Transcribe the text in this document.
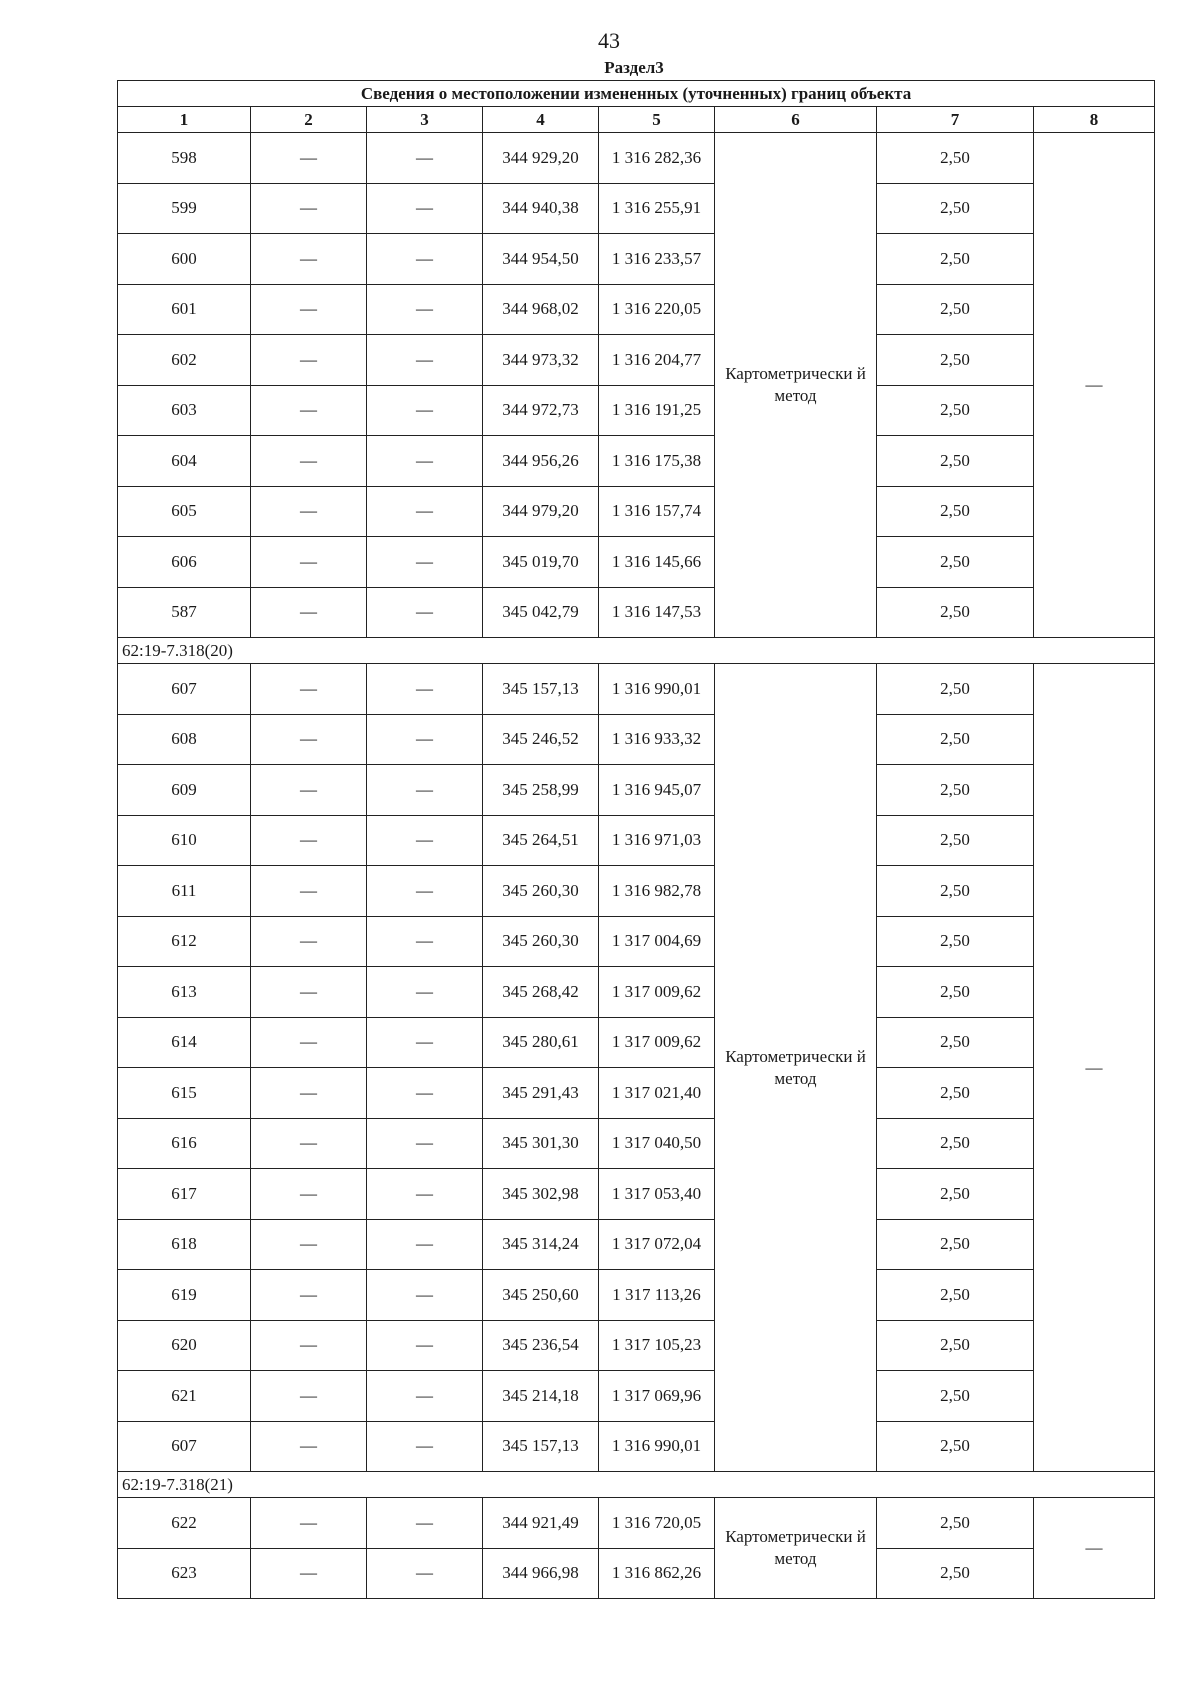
43
Раздел3
Сведения о местоположении измененных (уточненных) границ объекта							
1	2	3	4	5	6	7	8
598	—	—	344 929,20	1 316 282,36	Картометрически й метод	2,50	—
599	—	—	344 940,38	1 316 255,91		2,50	
600	—	—	344 954,50	1 316 233,57		2,50	
601	—	—	344 968,02	1 316 220,05		2,50	
602	—	—	344 973,32	1 316 204,77		2,50	
603	—	—	344 972,73	1 316 191,25		2,50	
604	—	—	344 956,26	1 316 175,38		2,50	
605	—	—	344 979,20	1 316 157,74		2,50	
606	—	—	345 019,70	1 316 145,66		2,50	
587	—	—	345 042,79	1 316 147,53		2,50	
62:19-7.318(20)							
607	—	—	345 157,13	1 316 990,01	Картометрически й метод	2,50	—
608	—	—	345 246,52	1 316 933,32		2,50	
609	—	—	345 258,99	1 316 945,07		2,50	
610	—	—	345 264,51	1 316 971,03		2,50	
611	—	—	345 260,30	1 316 982,78		2,50	
612	—	—	345 260,30	1 317 004,69		2,50	
613	—	—	345 268,42	1 317 009,62		2,50	
614	—	—	345 280,61	1 317 009,62		2,50	
615	—	—	345 291,43	1 317 021,40		2,50	
616	—	—	345 301,30	1 317 040,50		2,50	
617	—	—	345 302,98	1 317 053,40		2,50	
618	—	—	345 314,24	1 317 072,04		2,50	
619	—	—	345 250,60	1 317 113,26		2,50	
620	—	—	345 236,54	1 317 105,23		2,50	
621	—	—	345 214,18	1 317 069,96		2,50	
607	—	—	345 157,13	1 316 990,01		2,50	
62:19-7.318(21)							
622	—	—	344 921,49	1 316 720,05	Картометрически й метод	2,50	—
623	—	—	344 966,98	1 316 862,26		2,50	
